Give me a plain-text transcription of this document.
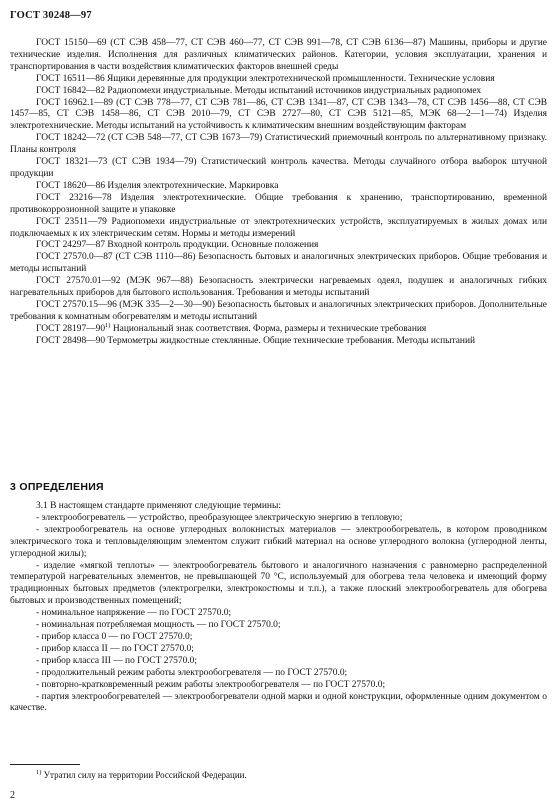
ГОСТ 30248—97

ГОСТ 15150—69 (СТ СЭВ 458—77, СТ СЭВ 460—77, СТ СЭВ 991—78, СТ СЭВ 6136—87) Машины, приборы и другие технические изделия. Исполнения для различных климатических районов. Категории, условия эксплуатации, хранения и транспортирования в части воздействия климатических факторов внешней среды

ГОСТ 16511—86 Ящики деревянные для продукции электротехнической промышленности. Технические условия

ГОСТ 16842—82 Радиопомехи индустриальные. Методы испытаний источников индустриальных радиопомех

ГОСТ 16962.1—89 (СТ СЭВ 778—77, СТ СЭВ 781—86, СТ СЭВ 1341—87, СТ СЭВ 1343—78, СТ СЭВ 1456—88, СТ СЭВ 1457—85, СТ СЭВ 1458—86, СТ СЭВ 2010—79, СТ СЭВ 2727—80, СТ СЭВ 5121—85, МЭК 68—2—1—74) Изделия электротехнические. Методы испытаний на устойчивость к климатическим внешним воздействующим факторам

ГОСТ 18242—72 (СТ СЭВ 548—77, СТ СЭВ 1673—79) Статистический приемочный контроль по альтернативному признаку. Планы контроля

ГОСТ 18321—73 (СТ СЭВ 1934—79) Статистический контроль качества. Методы случайного отбора выборок штучной продукции

ГОСТ 18620—86 Изделия электротехнические. Маркировка

ГОСТ 23216—78 Изделия электротехнические. Общие требования к хранению, транспортированию, временной противокоррозионной защите и упаковке

ГОСТ 23511—79 Радиопомехи индустриальные от электротехнических устройств, эксплуатируемых в жилых домах или подключаемых к их электрическим сетям. Нормы и методы измерений

ГОСТ 24297—87 Входной контроль продукции. Основные положения

ГОСТ 27570.0—87 (СТ СЭВ 1110—86) Безопасность бытовых и аналогичных электрических приборов. Общие требования и методы испытаний

ГОСТ 27570.01—92 (МЭК 967—88) Безопасность электрически нагреваемых одеял, подушек и аналогичных гибких нагревательных приборов для бытового использования. Требования и методы испытаний

ГОСТ 27570.15—96 (МЭК 335—2—30—90) Безопасность бытовых и аналогичных электрических приборов. Дополнительные требования к комнатным обогревателям и методы испытаний

ГОСТ 28197—90$^{1)}$ Национальный знак соответствия. Форма, размеры и технические требования

ГОСТ 28498—90 Термометры жидкостные стеклянные. Общие технические требования. Методы испытаний

3 ОПРЕДЕЛЕНИЯ

3.1 В настоящем стандарте применяют следующие термины:

- электрообогреватель — устройство, преобразующее электрическую энергию в тепловую;

- электрообогреватель на основе углеродных волокнистых материалов — электрообогреватель, в котором проводником электрического тока и тепловыделяющим элементом служит гибкий материал на основе углеродного волокна (углеродной ленты, углеродной жилы);

- изделие «мягкой теплоты» — электрообогреватель бытового и аналогичного назначения с равномерно распределенной температурой нагревательных элементов, не превышающей 70 °С, используемый для обогрева тела человека и имеющий форму традиционных бытовых предметов (электрогрелки, электрокостюмы и т.п.), а также плоский электрообогреватель для обогрева бытовых и производственных помещений;

- номинальное напряжение — по ГОСТ 27570.0;

- номинальная потребляемая мощность — по ГОСТ 27570.0;

- прибор класса 0 — по ГОСТ 27570.0;

- прибор класса II — по ГОСТ 27570.0;

- прибор класса III — по ГОСТ 27570.0;

- продолжительный режим работы электрообогревателя — по ГОСТ 27570.0;

- повторно-кратковременный режим работы электрообогревателя — по ГОСТ 27570.0;

- партия электрообогревателей — электрообогреватели одной марки и одной конструкции, оформленные одним документом о качестве.

$^{1)}$ Утратил силу на территории Российской Федерации.
2
